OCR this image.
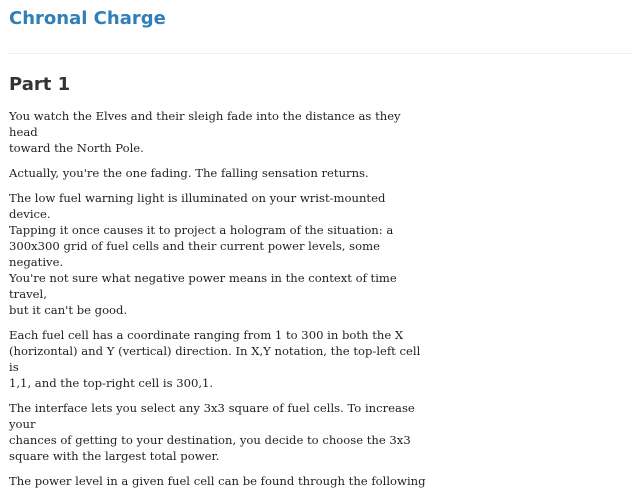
Chronal Charge
Part 1

You watch the Elves and their sleigh fade into the distance as they head
toward the North Pole.

Actually, you're the one fading. The falling sensation returns.

The low fuel warning light is illuminated on your wrist-mounted device.
Tapping it once causes it to project a hologram of the situation: a
300x300 grid of fuel cells and their current power levels, some negative.
You're not sure what negative power means in the context of time travel,
but it can't be good.

Each fuel cell has a coordinate ranging from 1 to 300 in both the X
(horizontal) and Y (vertical) direction. In X,Y notation, the top-left cell is
1,1, and the top-right cell is 300,1.

The interface lets you select any 3x3 square of fuel cells. To increase your
chances of getting to your destination, you decide to choose the 3x3
square with the largest total power.

The power level in a given fuel cell can be found through the following
